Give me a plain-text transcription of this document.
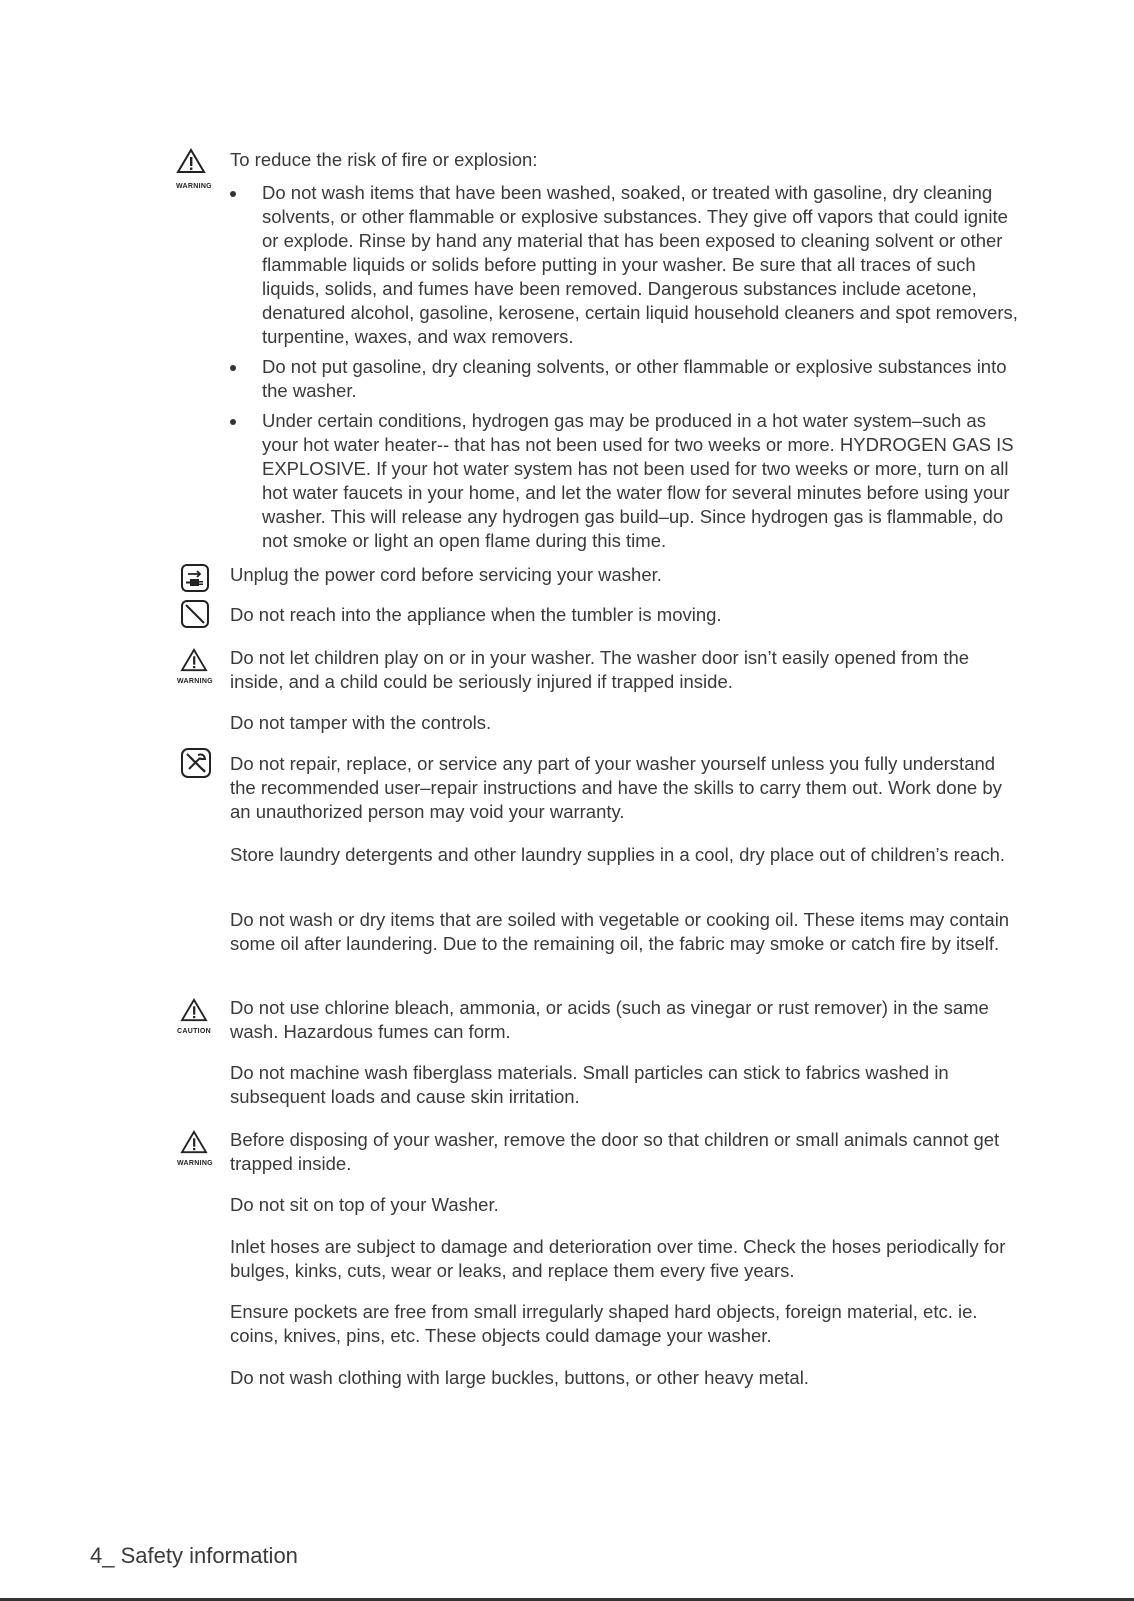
WARNING

To reduce the risk of fire or explosion:

Do not wash items that have been washed, soaked, or treated with gasoline, dry cleaning solvents, or other flammable or explosive substances. They give off vapors that could ignite or explode. Rinse by hand any material that has been exposed to cleaning solvent or other flammable liquids or solids before putting in your washer. Be sure that all traces of such liquids, solids, and fumes have been removed. Dangerous substances include acetone, denatured alcohol, gasoline, kerosene, certain liquid household cleaners and spot removers, turpentine, waxes, and wax removers.
Do not put gasoline, dry cleaning solvents, or other flammable or explosive substances into the washer.
Under certain conditions, hydrogen gas may be produced in a hot water system–such as your hot water heater-- that has not been used for two weeks or more. HYDROGEN GAS IS EXPLOSIVE. If your hot water system has not been used for two weeks or more, turn on all hot water faucets in your home, and let the water flow for several minutes before using your washer. This will release any hydrogen gas build–up. Since hydrogen gas is flammable, do not smoke or light an open flame during this time.

Unplug the power cord before servicing your washer.

Do not reach into the appliance when the tumbler is moving.

WARNING

Do not let children play on or in your washer. The washer door isn’t easily opened from the inside, and a child could be seriously injured if trapped inside.

Do not tamper with the controls.

Do not repair, replace, or service any part of your washer yourself unless you fully understand the recommended user–repair instructions and have the skills to carry them out. Work done by an unauthorized person may void your warranty.

Store laundry detergents and other laundry supplies in a cool, dry place out of children’s reach.

Do not wash or dry items that are soiled with vegetable or cooking oil. These items may contain some oil after laundering. Due to the remaining oil, the fabric may smoke or catch fire by itself.

CAUTION

Do not use chlorine bleach, ammonia, or acids (such as vinegar or rust remover) in the same wash. Hazardous fumes can form.

Do not machine wash fiberglass materials. Small particles can stick to fabrics washed in subsequent loads and cause skin irritation.

WARNING

Before disposing of your washer, remove the door so that children or small animals cannot get trapped inside.

Do not sit on top of your Washer.

Inlet hoses are subject to damage and deterioration over time. Check the hoses periodically for bulges, kinks, cuts, wear or leaks, and replace them every five years.

Ensure pockets are free from small irregularly shaped hard objects, foreign material, etc. ie. coins, knives, pins, etc. These objects could damage your washer.

Do not wash clothing with large buckles, buttons, or other heavy metal.

4_ Safety information
